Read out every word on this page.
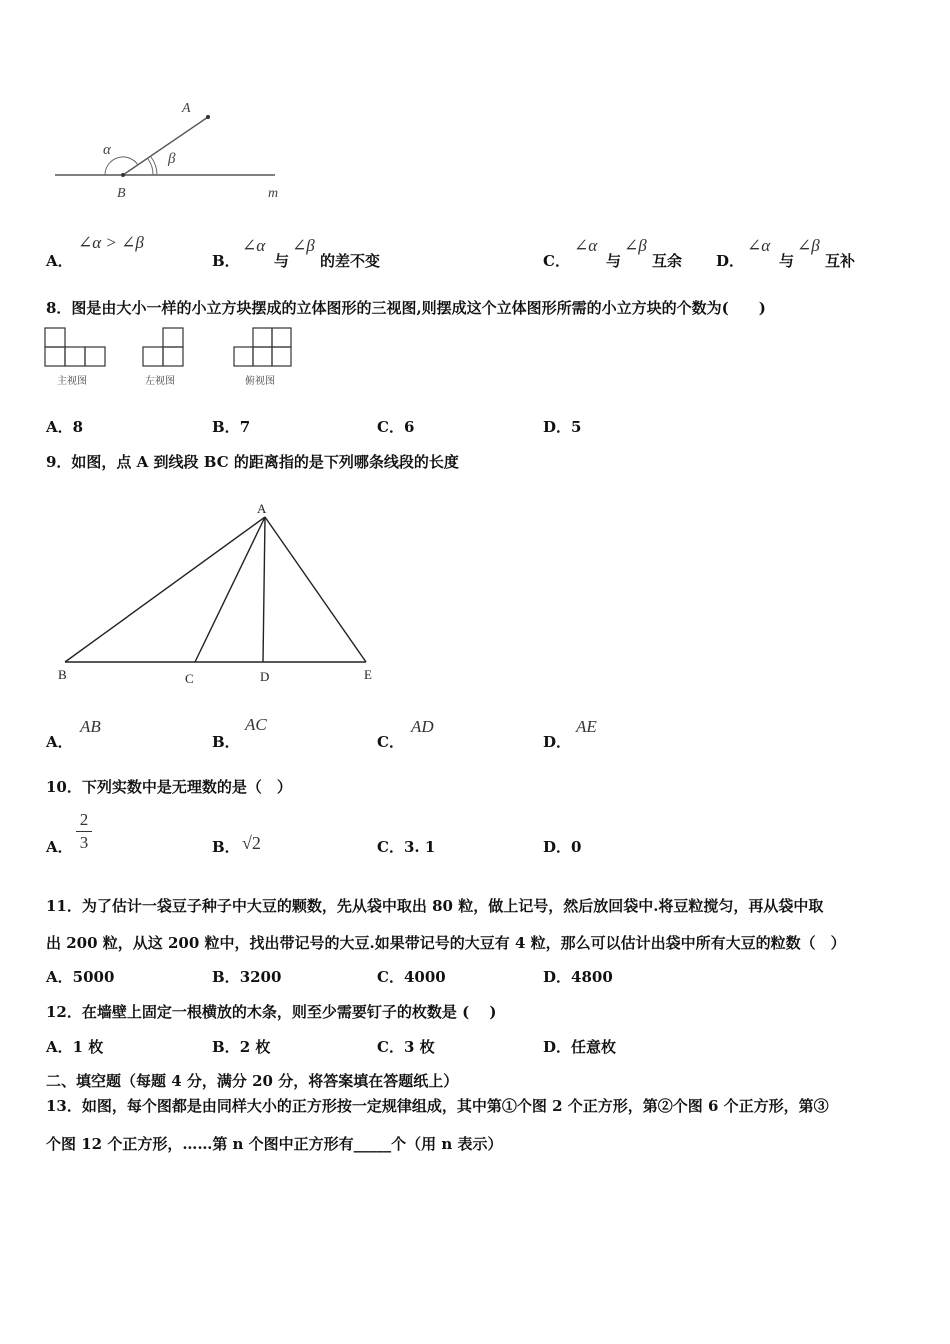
A
α
β
B	m
A．
∠α > ∠β
B．
∠α
与
∠β
的差不变	C．
∠α
与
∠β
互余 D．
∠α
与
∠β
互补
8．图是由大小一样的小立方块摆成的立体图形的三视图,则摆成这个立体图形所需的小立方块的个数为(　　)
主视图	左视图	俯视图
A．8	B．7	C．6	D．5
9．如图，点 A 到线段 BC 的距离指的是下列哪条线段的长度
A
B	C	D	E
A．
AB
B．
AC
C．
AD
D．
AE
10．下列实数中是无理数的是（　）
A．
2
3	B． √2	C．3. 1	D．0
11．为了估计一袋豆子种子中大豆的颗数，先从袋中取出 80 粒，做上记号，然后放回袋中.将豆粒搅匀，再从袋中取
出 200 粒，从这 200 粒中，找出带记号的大豆.如果带记号的大豆有 4 粒，那么可以估计出袋中所有大豆的粒数（　）
A．5000	B．3200	C．4000	D．4800
12．在墙壁上固定一根横放的木条，则至少需要钉子的枚数是 (　 )
A．1 枚	B．2 枚	C．3 枚	D．任意枚
二、填空题（每题 4 分，满分 20 分，将答案填在答题纸上）
13．如图，每个图都是由同样大小的正方形按一定规律组成，其中第①个图 2 个正方形，第②个图 6 个正方形，第③
个图 12 个正方形，……第 n 个图中正方形有_____个（用 n 表示）
